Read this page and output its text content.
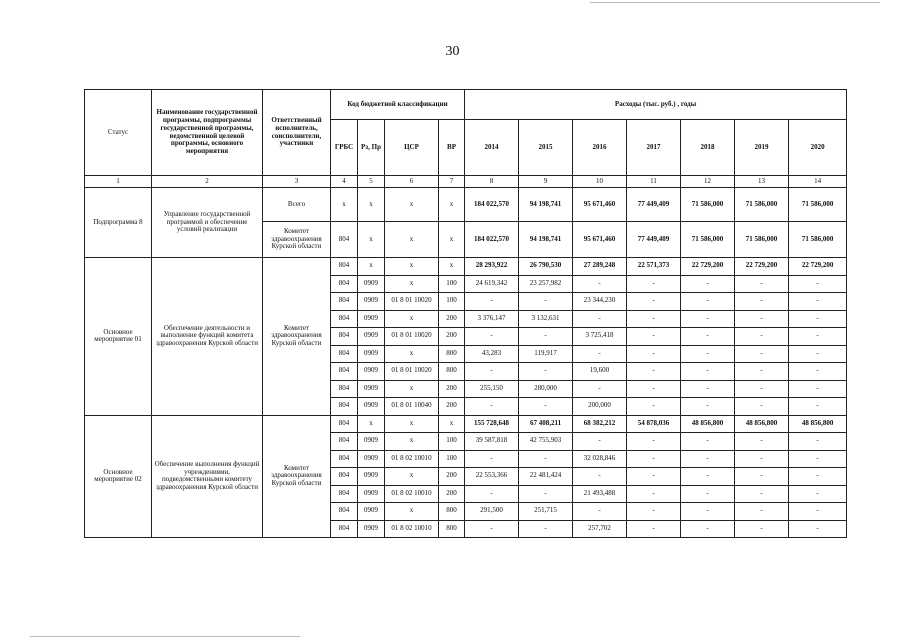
30
Статус	Наименование государственной программы, подпрограммы государственной программы, ведомственной целевой программы, основного мероприятия	Ответственный исполнитель, соисполнители, участники	Код бюджетной классификации				Расходы (тыс. руб.) , годы						
			ГРБС	Рз, Пр	ЦСР	ВР	2014	2015	2016	2017	2018	2019	2020
1	2	3	4	5	6	7	8	9	10	11	12	13	14
Подпрограмма 8	Управление государственной программой и обеспечение условий реализации	Всего	х	х	х	х	184 022,570	94 198,741	95 671,460	77 449,409	71 586,000	71 586,000	71 586,000
		Комитет здравоохранения Курской области	804	х	х	х	184 022,570	94 198,741	95 671,460	77 449,409	71 586,000	71 586,000	71 586,000
Основное мероприятие 01	Обеспечение деятельности и выполнение функций комитета здравоохранения Курской области	Комитет здравоохранения Курской области	804	х	х	х	28 293,922	26 790,530	27 289,248	22 571,373	22 729,200	22 729,200	22 729,200
			804	0909	х	100	24 619,342	23 257,982	-	-	-	-	-
			804	0909	01 8 01 10020	100	-	-	23 344,230	-	-	-	-
			804	0909	х	200	3 376,147	3 132,631	-	-	-	-	-
			804	0909	01 8 01 10020	200	-	-	3 725,418	-	-	-	-
			804	0909	х	800	43,283	119,917	-	-	-	-	-
			804	0909	01 8 01 10020	800	-	-	19,600	-	-	-	-
			804	0909	х	200	255,150	280,000	-	-	-	-	-
			804	0909	01 8 01 10040	200	-	-	200,000	-	-	-	-
Основное мероприятие 02	Обеспечение выполнения функций учреждениями, подведомственными комитету здравоохранения Курской области	Комитет здравоохранения Курской области	804	х	х	х	155 728,648	67 408,211	68 382,212	54 878,036	48 856,800	48 856,800	48 856,800
			804	0909	х	100	39 587,818	42 755,903	-	-	-	-	-
			804	0909	01 8 02 10010	100	-	-	32 028,846	-	-	-	-
			804	0909	х	200	22 553,366	22 481,424	-	-	-	-	-
			804	0909	01 8 02 10010	200	-	-	21 493,488	-	-	-	-
			804	0909	х	800	291,500	251,715	-	-	-	-	-
			804	0909	01 8 02 10010	800	-	-	257,702	-	-	-	-
